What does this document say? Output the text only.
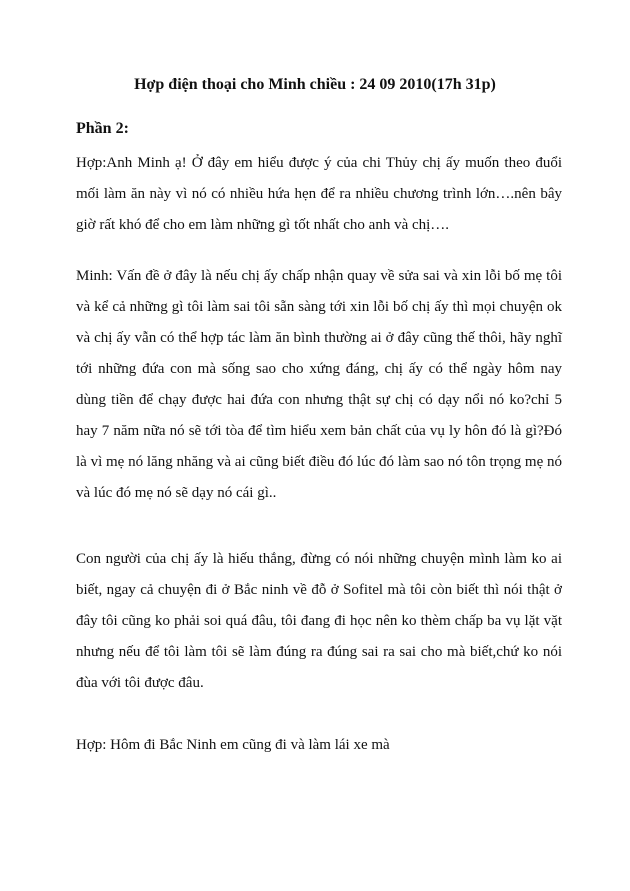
Hợp điện thoại cho Minh chiều : 24 09 2010(17h 31p)

Phần 2:

Hợp:Anh Minh ạ! Ở đây em hiểu được ý của chi Thủy chị ấy muốn theo đuổi mối làm ăn này vì nó có nhiều hứa hẹn để ra nhiều chương trình lớn….nên bây giờ rất khó để cho em làm những gì tốt nhất cho anh và chị….

Minh: Vấn đề ở đây là nếu chị ấy chấp nhận quay về sửa sai và xin lỗi bố mẹ tôi và kể cả những gì tôi làm sai tôi sẵn sàng tới xin lỗi bố chị ấy thì mọi chuyện ok và chị ấy vẫn có thể hợp tác làm ăn bình thường ai ở đây cũng thế thôi, hãy nghĩ tới những đứa con mà sống sao cho xứng đáng, chị ấy có thể ngày hôm nay dùng tiền để chạy được hai đứa con nhưng thật sự chị có dạy nổi nó ko?chỉ 5 hay 7 năm nữa nó sẽ tới tòa để tìm hiểu xem bản chất của vụ ly hôn đó là gì?Đó là vì mẹ nó lăng nhăng và ai cũng biết điều đó lúc đó làm sao nó tôn trọng mẹ nó và lúc đó mẹ nó sẽ dạy nó cái gì..

Con người của chị ấy là hiếu thắng, đừng có nói những chuyện mình làm ko ai biết, ngay cả chuyện đi ở Bắc ninh về đỗ ở Sofitel mà tôi còn biết thì nói thật ở đây tôi cũng ko phải soi quá đâu, tôi đang đi học nên ko thèm chấp ba vụ lặt vặt nhưng nếu để tôi làm tôi sẽ làm đúng ra đúng sai ra sai cho mà biết,chứ ko nói đùa với tôi được đâu.

Hợp: Hôm đi Bắc Ninh em cũng đi và làm lái xe mà
